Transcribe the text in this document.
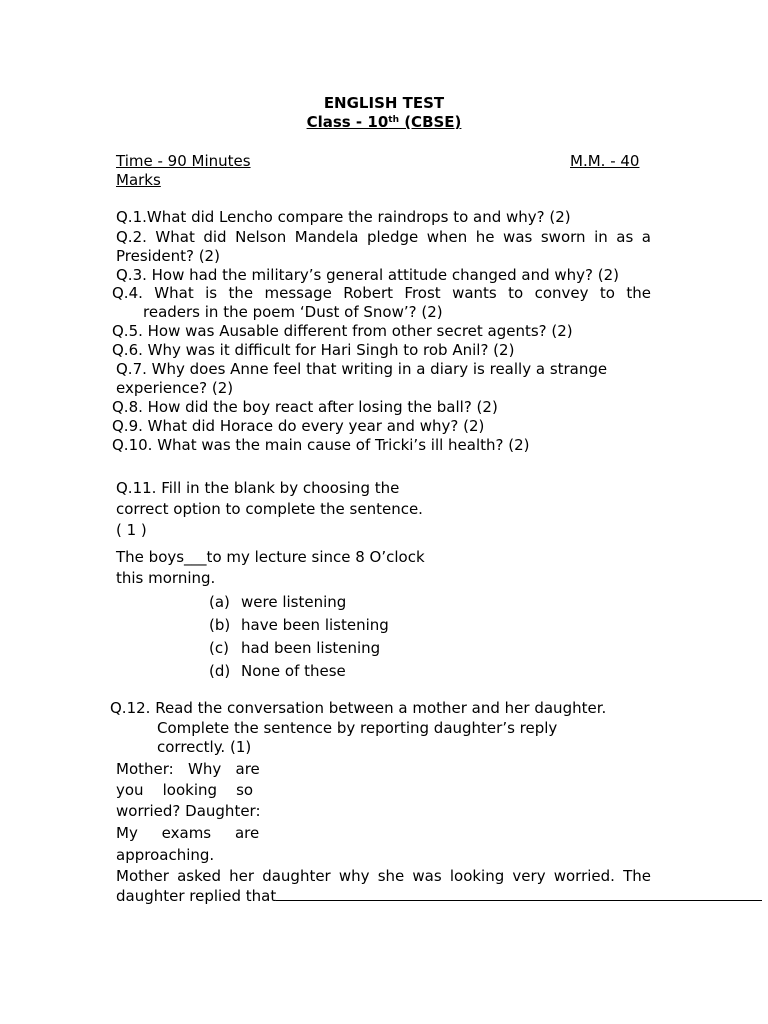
ENGLISH TEST
Class - 10th (CBSE)
Time - 90 Minutes	M.M. - 40
Marks
Q.1.What did Lencho compare the raindrops to and why? (2)
Q.2. What did Nelson Mandela pledge when he was sworn in as a
President? (2)
Q.3. How had the military’s general attitude changed and why? (2)
Q.4. What is the message Robert Frost wants to convey to the
readers in the poem ‘Dust of Snow’? (2)
Q.5. How was Ausable different from other secret agents? (2)
Q.6. Why was it difficult for Hari Singh to rob Anil? (2)
Q.7. Why does Anne feel that writing in a diary is really a strange
experience? (2)
Q.8. How did the boy react after losing the ball? (2)
Q.9. What did Horace do every year and why? (2)
Q.10. What was the main cause of Tricki’s ill health? (2)
Q.11. Fill in the blank by choosing the
correct option to complete the sentence.
( 1 )
The boys___to my lecture since 8 O’clock
this morning.
(a) were listening
(b) have been listening
(c) had been listening
(d) None of these
Q.12. Read the conversation between a mother and her daughter.
Complete the sentence by reporting daughter’s reply
correctly. (1)
Mother:   Why   are
you    looking    so
worried? Daughter:
My     exams     are
approaching.
Mother asked her daughter why she was looking very worried. The
daughter replied that
